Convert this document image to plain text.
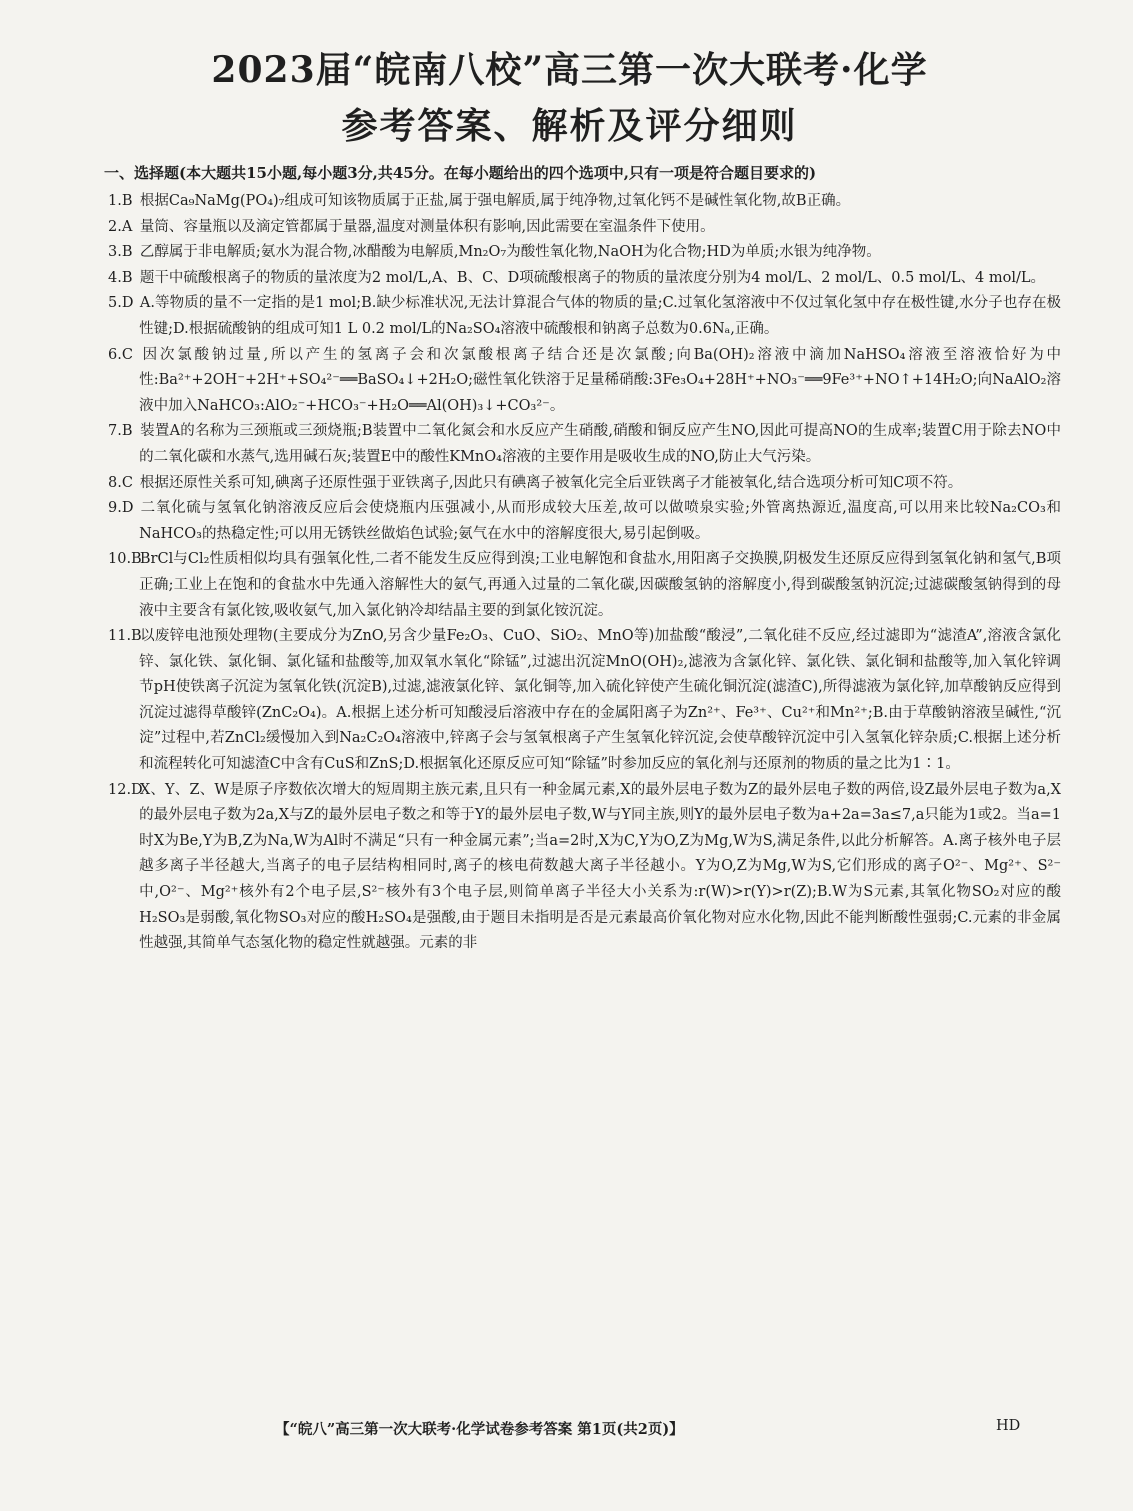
2023届“皖南八校”高三第一次大联考·化学
参考答案、解析及评分细则
一、选择题(本大题共15小题,每小题3分,共45分。在每小题给出的四个选项中,只有一项是符合题目要求的)
1.B 根据Ca₉NaMg(PO₄)₇组成可知该物质属于正盐,属于强电解质,属于纯净物,过氧化钙不是碱性氧化物,故B正确。
2.A 量筒、容量瓶以及滴定管都属于量器,温度对测量体积有影响,因此需要在室温条件下使用。
3.B 乙醇属于非电解质;氨水为混合物,冰醋酸为电解质,Mn₂O₇为酸性氧化物,NaOH为化合物;HD为单质;水银为纯净物。
4.B 题干中硫酸根离子的物质的量浓度为2 mol/L,A、B、C、D项硫酸根离子的物质的量浓度分别为4 mol/L、2 mol/L、0.5 mol/L、4 mol/L。
5.D A.等物质的量不一定指的是1 mol;B.缺少标准状况,无法计算混合气体的物质的量;C.过氧化氢溶液中不仅过氧化氢中存在极性键,水分子也存在极性键;D.根据硫酸钠的组成可知1 L 0.2 mol/L的Na₂SO₄溶液中硫酸根和钠离子总数为0.6Nₐ,正确。
6.C 因次氯酸钠过量,所以产生的氢离子会和次氯酸根离子结合还是次氯酸;向Ba(OH)₂溶液中滴加NaHSO₄溶液至溶液恰好为中性:Ba²⁺+2OH⁻+2H⁺+SO₄²⁻══BaSO₄↓+2H₂O;磁性氧化铁溶于足量稀硝酸:3Fe₃O₄+28H⁺+NO₃⁻══9Fe³⁺+NO↑+14H₂O;向NaAlO₂溶液中加入NaHCO₃:AlO₂⁻+HCO₃⁻+H₂O══Al(OH)₃↓+CO₃²⁻。
7.B 装置A的名称为三颈瓶或三颈烧瓶;B装置中二氧化氮会和水反应产生硝酸,硝酸和铜反应产生NO,因此可提高NO的生成率;装置C用于除去NO中的二氧化碳和水蒸气,选用碱石灰;装置E中的酸性KMnO₄溶液的主要作用是吸收生成的NO,防止大气污染。
8.C 根据还原性关系可知,碘离子还原性强于亚铁离子,因此只有碘离子被氧化完全后亚铁离子才能被氧化,结合选项分析可知C项不符。
9.D 二氧化硫与氢氧化钠溶液反应后会使烧瓶内压强减小,从而形成较大压差,故可以做喷泉实验;外管离热源近,温度高,可以用来比较Na₂CO₃和NaHCO₃的热稳定性;可以用无锈铁丝做焰色试验;氨气在水中的溶解度很大,易引起倒吸。
10.BBrCl与Cl₂性质相似均具有强氧化性,二者不能发生反应得到溴;工业电解饱和食盐水,用阳离子交换膜,阴极发生还原反应得到氢氧化钠和氢气,B项正确;工业上在饱和的食盐水中先通入溶解性大的氨气,再通入过量的二氧化碳,因碳酸氢钠的溶解度小,得到碳酸氢钠沉淀;过滤碳酸氢钠得到的母液中主要含有氯化铵,吸收氨气,加入氯化钠冷却结晶主要的到氯化铵沉淀。
11.B以废锌电池预处理物(主要成分为ZnO,另含少量Fe₂O₃、CuO、SiO₂、MnO等)加盐酸“酸浸”,二氧化硅不反应,经过滤即为“滤渣A”,溶液含氯化锌、氯化铁、氯化铜、氯化锰和盐酸等,加双氧水氧化“除锰”,过滤出沉淀MnO(OH)₂,滤液为含氯化锌、氯化铁、氯化铜和盐酸等,加入氧化锌调节pH使铁离子沉淀为氢氧化铁(沉淀B),过滤,滤液氯化锌、氯化铜等,加入硫化锌使产生硫化铜沉淀(滤渣C),所得滤液为氯化锌,加草酸钠反应得到沉淀过滤得草酸锌(ZnC₂O₄)。A.根据上述分析可知酸浸后溶液中存在的金属阳离子为Zn²⁺、Fe³⁺、Cu²⁺和Mn²⁺;B.由于草酸钠溶液呈碱性,“沉淀”过程中,若ZnCl₂缓慢加入到Na₂C₂O₄溶液中,锌离子会与氢氧根离子产生氢氧化锌沉淀,会使草酸锌沉淀中引入氢氧化锌杂质;C.根据上述分析和流程转化可知滤渣C中含有CuS和ZnS;D.根据氧化还原反应可知“除锰”时参加反应的氧化剂与还原剂的物质的量之比为1∶1。
12.DX、Y、Z、W是原子序数依次增大的短周期主族元素,且只有一种金属元素,X的最外层电子数为Z的最外层电子数的两倍,设Z最外层电子数为a,X的最外层电子数为2a,X与Z的最外层电子数之和等于Y的最外层电子数,W与Y同主族,则Y的最外层电子数为a+2a=3a≤7,a只能为1或2。当a=1时X为Be,Y为B,Z为Na,W为Al时不满足“只有一种金属元素”;当a=2时,X为C,Y为O,Z为Mg,W为S,满足条件,以此分析解答。A.离子核外电子层越多离子半径越大,当离子的电子层结构相同时,离子的核电荷数越大离子半径越小。Y为O,Z为Mg,W为S,它们形成的离子O²⁻、Mg²⁺、S²⁻中,O²⁻、Mg²⁺核外有2个电子层,S²⁻核外有3个电子层,则简单离子半径大小关系为:r(W)>r(Y)>r(Z);B.W为S元素,其氧化物SO₂对应的酸H₂SO₃是弱酸,氧化物SO₃对应的酸H₂SO₄是强酸,由于题目未指明是否是元素最高价氧化物对应水化物,因此不能判断酸性强弱;C.元素的非金属性越强,其简单气态氢化物的稳定性就越强。元素的非
【“皖八”高三第一次大联考·化学试卷参考答案 第1页(共2页)】	HD
